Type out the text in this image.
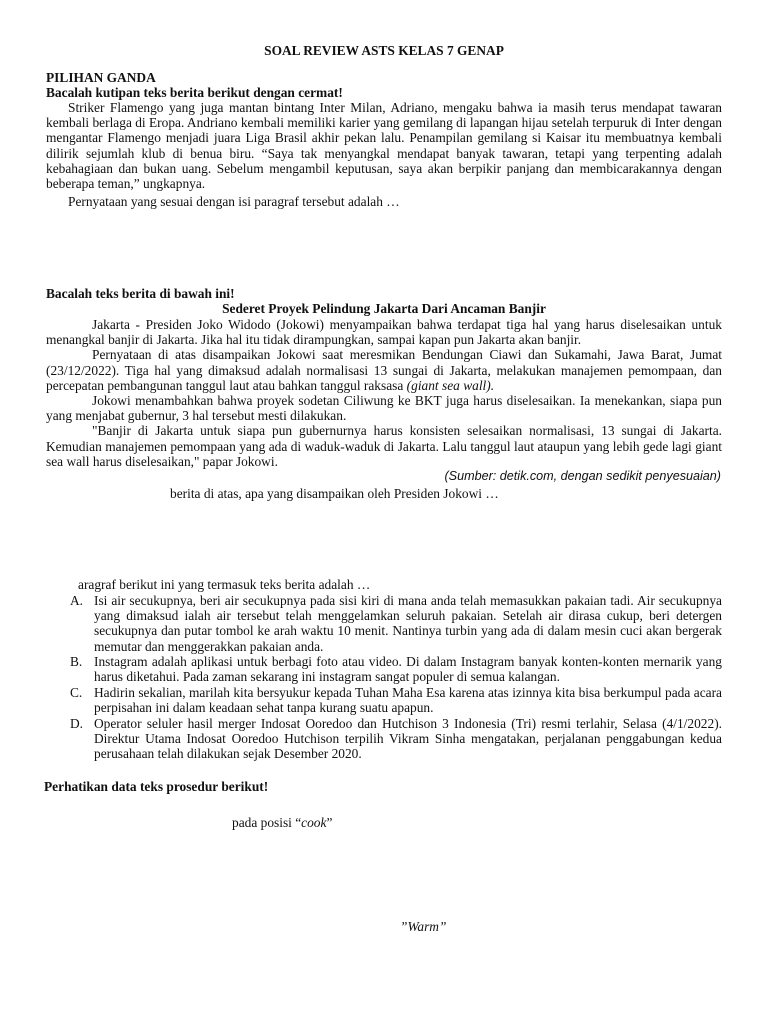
SOAL REVIEW ASTS KELAS 7 GENAP
PILIHAN GANDA
Bacalah kutipan teks berita berikut dengan cermat!

Striker Flamengo yang juga mantan bintang Inter Milan, Adriano, mengaku bahwa ia masih terus mendapat tawaran kembali berlaga di Eropa. Andriano kembali memiliki karier yang gemilang di lapangan hijau setelah terpuruk di Inter dengan mengantar Flamengo menjadi juara Liga Brasil akhir pekan lalu. Penampilan gemilang si Kaisar itu membuatnya kembali dilirik sejumlah klub di benua biru. “Saya tak menyangkal mendapat banyak tawaran, tetapi yang terpenting adalah kebahagiaan dan bukan uang. Sebelum mengambil keputusan, saya akan berpikir panjang dan membicarakannya dengan beberapa teman,” ungkapnya.

Pernyataan yang sesuai dengan isi paragraf tersebut adalah …
Bacalah teks berita di bawah ini!
Sederet Proyek Pelindung Jakarta Dari Ancaman Banjir

Jakarta - Presiden Joko Widodo (Jokowi) menyampaikan bahwa terdapat tiga hal yang harus diselesaikan untuk menangkal banjir di Jakarta. Jika hal itu tidak dirampungkan, sampai kapan pun Jakarta akan banjir.

Pernyataan di atas disampaikan Jokowi saat meresmikan Bendungan Ciawi dan Sukamahi, Jawa Barat, Jumat (23/12/2022). Tiga hal yang dimaksud adalah normalisasi 13 sungai di Jakarta, melakukan manajemen pemompaan, dan percepatan pembangunan tanggul laut atau bahkan tanggul raksasa (giant sea wall).

Jokowi menambahkan bahwa proyek sodetan Ciliwung ke BKT juga harus diselesaikan. Ia menekankan, siapa pun yang menjabat gubernur, 3 hal tersebut mesti dilakukan.

"Banjir di Jakarta untuk siapa pun gubernurnya harus konsisten selesaikan normalisasi, 13 sungai di Jakarta. Kemudian manajemen pemompaan yang ada di waduk-waduk di Jakarta. Lalu tanggul laut ataupun yang lebih gede lagi giant sea wall harus diselesaikan," papar Jokowi.

(Sumber: detik.com, dengan sedikit penyesuaian)
berita di atas, apa yang disampaikan oleh Presiden Jokowi …
aragraf berikut ini yang termasuk teks berita adalah …
A. Isi air secukupnya, beri air secukupnya pada sisi kiri di mana anda telah memasukkan pakaian tadi. Air secukupnya yang dimaksud ialah air tersebut telah menggelamkan seluruh pakaian. Setelah air dirasa cukup, beri detergen secukupnya dan putar tombol ke arah waktu 10 menit. Nantinya turbin yang ada di dalam mesin cuci akan bergerak memutar dan menggerakkan pakaian anda.
B. Instagram adalah aplikasi untuk berbagi foto atau video. Di dalam Instagram banyak konten-konten mernarik yang harus diketahui. Pada zaman sekarang ini instagram sangat populer di semua kalangan.
C. Hadirin sekalian, marilah kita bersyukur kepada Tuhan Maha Esa karena atas izinnya kita bisa berkumpul pada acara perpisahan ini dalam keadaan sehat tanpa kurang suatu apapun.
D. Operator seluler hasil merger Indosat Ooredoo dan Hutchison 3 Indonesia (Tri) resmi terlahir, Selasa (4/1/2022). Direktur Utama Indosat Ooredoo Hutchison terpilih Vikram Sinha mengatakan, perjalanan penggabungan kedua perusahaan telah dilakukan sejak Desember 2020.
Perhatikan data teks prosedur berikut!
pada posisi “cook”
”Warm”
